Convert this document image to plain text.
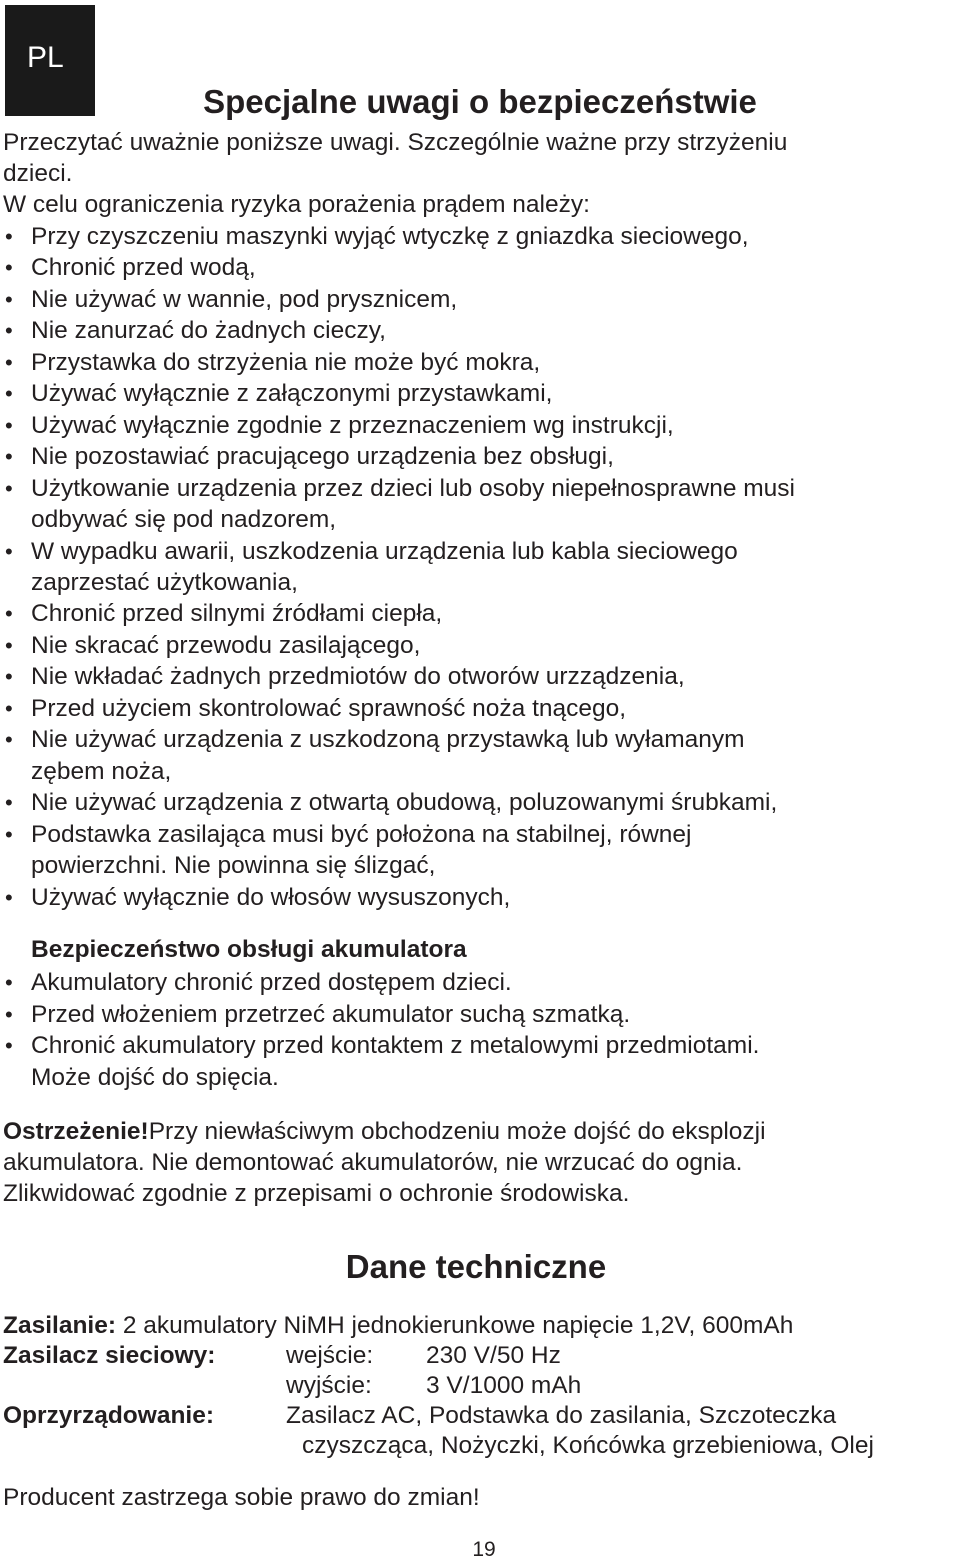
PL
Specjalne uwagi o bezpieczeństwie

Przeczytać uważnie poniższe uwagi. Szczególnie ważne przy strzyżeniu

dzieci.

W celu ograniczenia ryzyka porażenia prądem należy:

• Przy czyszczeniu maszynki wyjąć wtyczkę z gniazdka sieciowego,

• Chronić przed wodą,

• Nie używać w wannie, pod prysznicem,

• Nie zanurzać do żadnych cieczy,

• Przystawka do strzyżenia nie może być mokra,

• Używać wyłącznie z załączonymi przystawkami,

• Używać wyłącznie zgodnie z przeznaczeniem wg instrukcji,

• Nie pozostawiać pracującego urządzenia bez obsługi,

• Użytkowanie urządzenia przez dzieci lub osoby niepełnosprawne musi

odbywać się pod nadzorem,

• W wypadku awarii, uszkodzenia urządzenia lub kabla sieciowego

zaprzestać użytkowania,

• Chronić przed silnymi źródłami ciepła,

• Nie skracać przewodu zasilającego,

• Nie wkładać żadnych przedmiotów do otworów urzządzenia,

• Przed użyciem skontrolować sprawność noża tnącego,

• Nie używać urządzenia z uszkodzoną przystawką lub wyłamanym

zębem noża,

• Nie używać urządzenia z otwartą obudową, poluzowanymi śrubkami,

• Podstawka zasilająca musi być położona na stabilnej, równej

powierzchni. Nie powinna się ślizgać,

• Używać wyłącznie do włosów wysuszonych,

Bezpieczeństwo obsługi akumulatora

• Akumulatory chronić przed dostępem dzieci.

• Przed włożeniem przetrzeć akumulator suchą szmatką.

• Chronić akumulatory przed kontaktem z metalowymi przedmiotami.

Może dojść do spięcia.

Ostrzeżenie!Przy niewłaściwym obchodzeniu może dojść do eksplozji

akumulatora. Nie demontować akumulatorów, nie wrzucać do ognia.

Zlikwidować zgodnie z przepisami o ochronie środowiska.

Dane techniczne

Zasilanie: 2 akumulatory NiMH jednokierunkowe napięcie 1,2V, 600mAh

Zasilacz sieciowy:	wejście: 230 V/50 Hz

wyjście: 3 V/1000 mAh

Oprzyrządowanie:	Zasilacz AC, Podstawka do zasilania, Szczoteczka

czyszcząca, Nożyczki, Końcówka grzebieniowa, Olej

Producent zastrzega sobie prawo do zmian!

19
